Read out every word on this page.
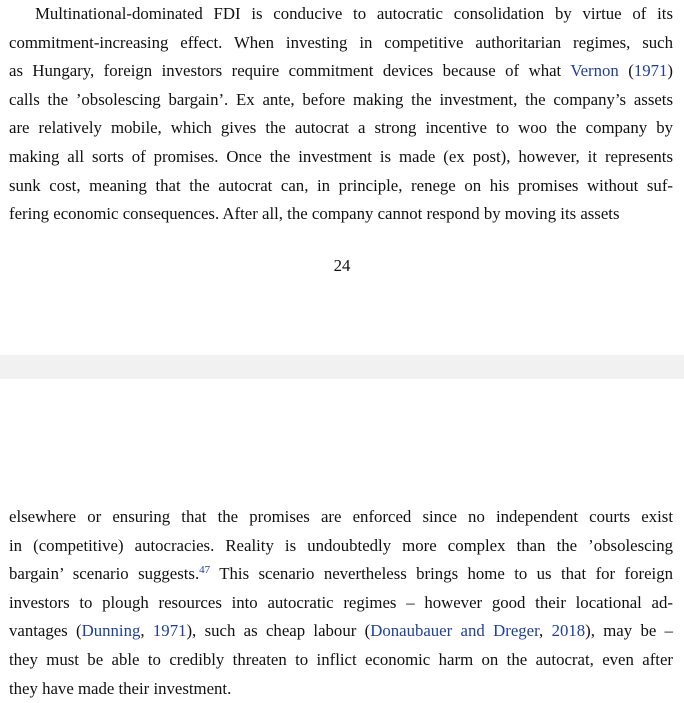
Multinational-dominated FDI is conducive to autocratic consolidation by virtue of its
commitment-increasing effect. When investing in competitive authoritarian regimes, such
as Hungary, foreign investors require commitment devices because of what Vernon (1971)
calls the ’obsolescing bargain’. Ex ante, before making the investment, the company’s assets
are relatively mobile, which gives the autocrat a strong incentive to woo the company by
making all sorts of promises. Once the investment is made (ex post), however, it represents
sunk cost, meaning that the autocrat can, in principle, renege on his promises without suf-
fering economic consequences. After all, the company cannot respond by moving its assets
24
elsewhere or ensuring that the promises are enforced since no independent courts exist
in (competitive) autocracies. Reality is undoubtedly more complex than the ’obsolescing
bargain’ scenario suggests.$^{47}$ This scenario nevertheless brings home to us that for foreign
investors to plough resources into autocratic regimes – however good their locational ad-
vantages (Dunning, 1971), such as cheap labour (Donaubauer and Dreger, 2018), may be –
they must be able to credibly threaten to inflict economic harm on the autocrat, even after
they have made their investment.
